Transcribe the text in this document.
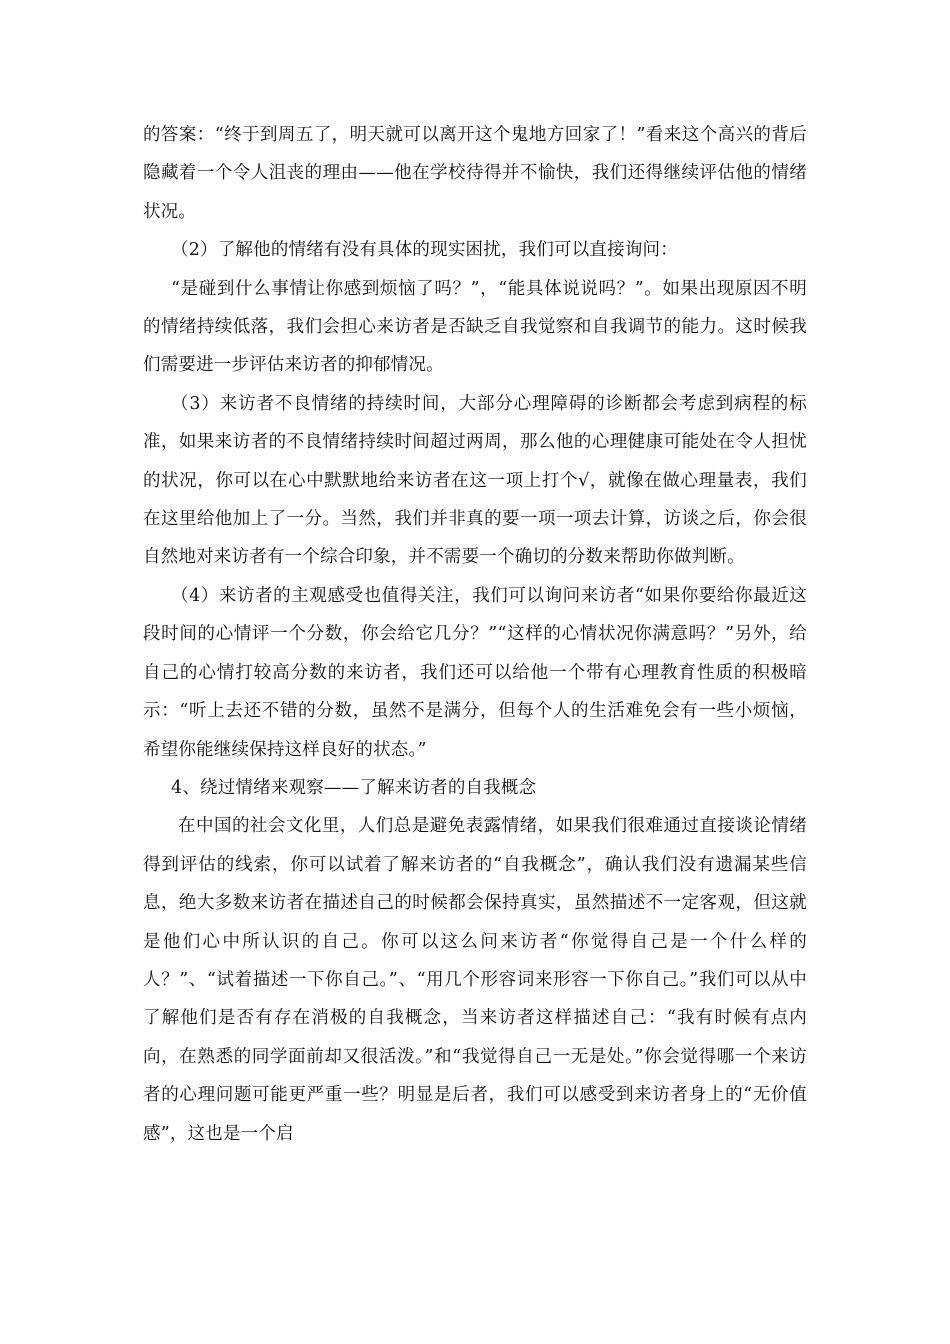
的答案：“终于到周五了，明天就可以离开这个鬼地方回家了！”看来这个高兴的背后隐藏着一个令人沮丧的理由——他在学校待得并不愉快，我们还得继续评估他的情绪状况。

（2）了解他的情绪有没有具体的现实困扰，我们可以直接询问：

“是碰到什么事情让你感到烦恼了吗？”，“能具体说说吗？”。如果出现原因不明的情绪持续低落，我们会担心来访者是否缺乏自我觉察和自我调节的能力。这时候我们需要进一步评估来访者的抑郁情况。

（3）来访者不良情绪的持续时间，大部分心理障碍的诊断都会考虑到病程的标准，如果来访者的不良情绪持续时间超过两周，那么他的心理健康可能处在令人担忧的状况，你可以在心中默默地给来访者在这一项上打个√，就像在做心理量表，我们在这里给他加上了一分。当然，我们并非真的要一项一项去计算，访谈之后，你会很自然地对来访者有一个综合印象，并不需要一个确切的分数来帮助你做判断。

（4）来访者的主观感受也值得关注，我们可以询问来访者“如果你要给你最近这段时间的心情评一个分数，你会给它几分？”“这样的心情状况你满意吗？”另外，给自己的心情打较高分数的来访者，我们还可以给他一个带有心理教育性质的积极暗示：“听上去还不错的分数，虽然不是满分，但每个人的生活难免会有一些小烦恼，希望你能继续保持这样良好的状态。”

4、绕过情绪来观察——了解来访者的自我概念

在中国的社会文化里，人们总是避免表露情绪，如果我们很难通过直接谈论情绪得到评估的线索，你可以试着了解来访者的“自我概念”，确认我们没有遗漏某些信息，绝大多数来访者在描述自己的时候都会保持真实，虽然描述不一定客观，但这就是他们心中所认识的自己。你可以这么问来访者“你觉得自己是一个什么样的人？”、“试着描述一下你自己。”、“用几个形容词来形容一下你自己。”我们可以从中了解他们是否有存在消极的自我概念，当来访者这样描述自己：“我有时候有点内向，在熟悉的同学面前却又很活泼。”和“我觉得自己一无是处。”你会觉得哪一个来访者的心理问题可能更严重一些？明显是后者，我们可以感受到来访者身上的“无价值感”，这也是一个启
